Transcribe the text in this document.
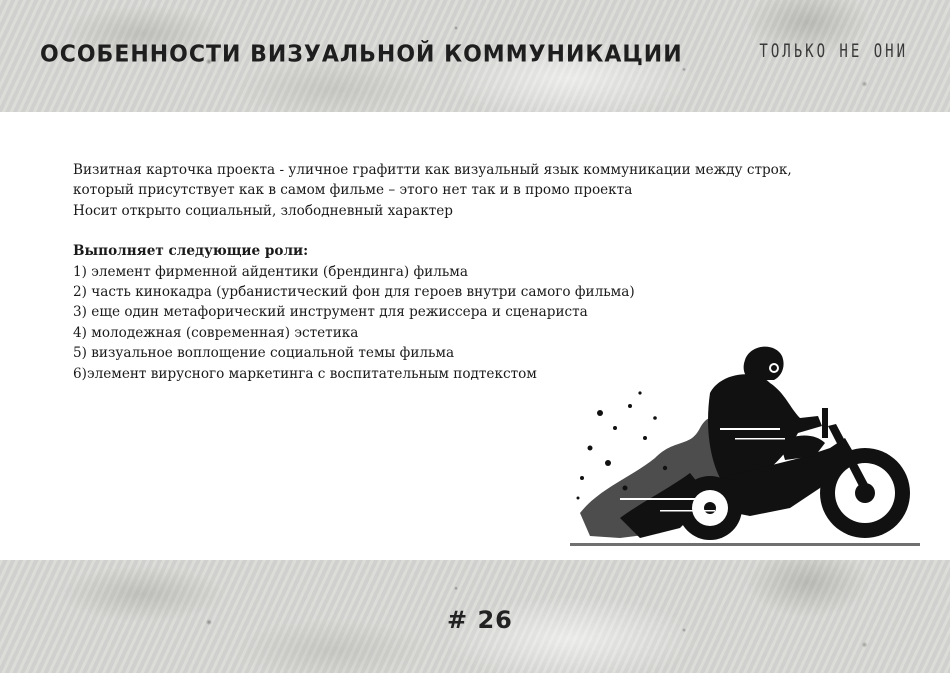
ОСОБЕННОСТИ ВИЗУАЛЬНОЙ КОММУНИКАЦИИ	ТОЛЬКО НЕ ОНИ

Визитная карточка проекта - уличное графитти как визуальный язык коммуникации между строк,

который присутствует как в самом фильме – этого нет так и в промо проекта

Носит открыто социальный, злободневный характер

Выполняет следующие роли:

1) элемент фирменной айдентики (брендинга) фильма

2) часть кинокадра (урбанистический фон для героев внутри самого фильма)

3) еще один метафорический инструмент для режиссера и сценариста

4) молодежная (современная) эстетика

5) визуальное воплощение социальной темы фильма

6)элемент вирусного маркетинга с воспитательным подтекстом

# 26
